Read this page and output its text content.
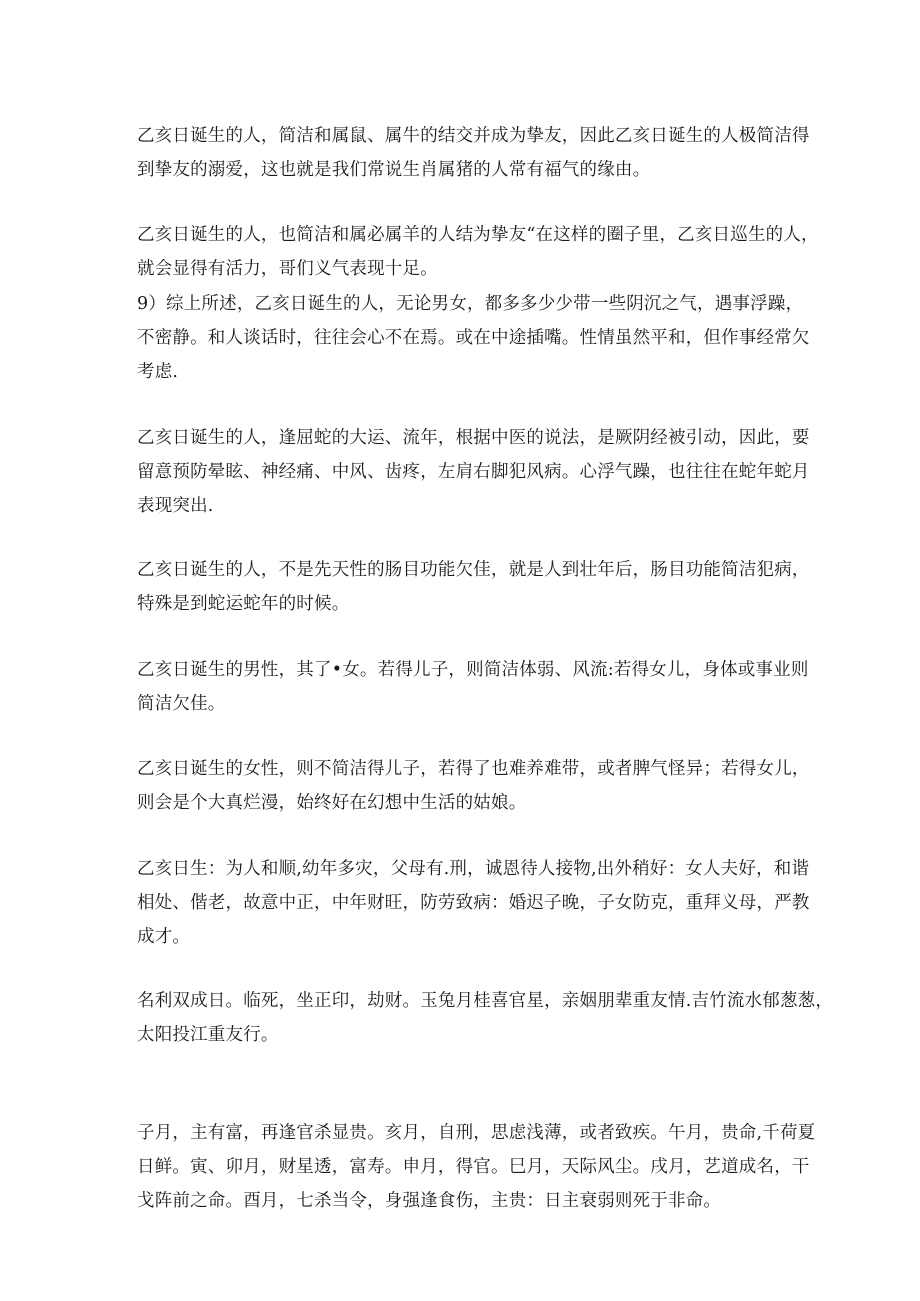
乙亥日诞生的人，简洁和属鼠、属牛的结交并成为挚友，因此乙亥日诞生的人极简洁得
到挚友的溺爱，这也就是我们常说生肖属猪的人常有福气的缘由。

乙亥日诞生的人，也简洁和属必属羊的人结为挚友“在这样的圈子里，乙亥日巡生的人，
就会显得有活力，哥们义气表现十足。

9）综上所述，乙亥日诞生的人，无论男女，都多多少少带一些阴沉之气，遇事浮躁，
不密静。和人谈话时，往往会心不在焉。或在中途插嘴。性情虽然平和，但作事经常欠
考虑.

乙亥日诞生的人，逢屈蛇的大运、流年，根据中医的说法，是厥阴经被引动，因此，要
留意预防晕眩、神经痛、中风、齿疼，左肩右脚犯风病。心浮气躁，也往往在蛇年蛇月
表现突出.

乙亥日诞生的人，不是先天性的肠目功能欠佳，就是人到壮年后，肠目功能简洁犯病，
特殊是到蛇运蛇年的时候。

乙亥日诞生的男性，其了•女。若得儿子，则简洁体弱、风流:若得女儿，身体或事业则
简洁欠佳。

乙亥日诞生的女性，则不简洁得儿子，若得了也难养难带，或者脾气怪异；若得女儿，
则会是个大真烂漫，始终好在幻想中生活的姑娘。

乙亥日生：为人和顺,幼年多灾，父母有.刑，诚恩待人接物,出外稍好：女人夫好，和谐
相处、偕老，故意中正，中年财旺，防劳致病：婚迟子晚，子女防克，重拜义母，严教
成才。

名利双成日。临死，坐正印，劫财。玉兔月桂喜官星，亲姻朋辈重友情.吉竹流水郁葱葱，
太阳投江重友行。

子月，主有富，再逢官杀显贵。亥月，自刑，思虑浅薄，或者致疾。午月，贵命,千荷夏
日鲜。寅、卯月，财星透，富寿。申月，得官。巳月，天际风尘。戌月，艺道成名，干
戈阵前之命。酉月，七杀当令，身强逢食伤，主贵：日主衰弱则死于非命。
